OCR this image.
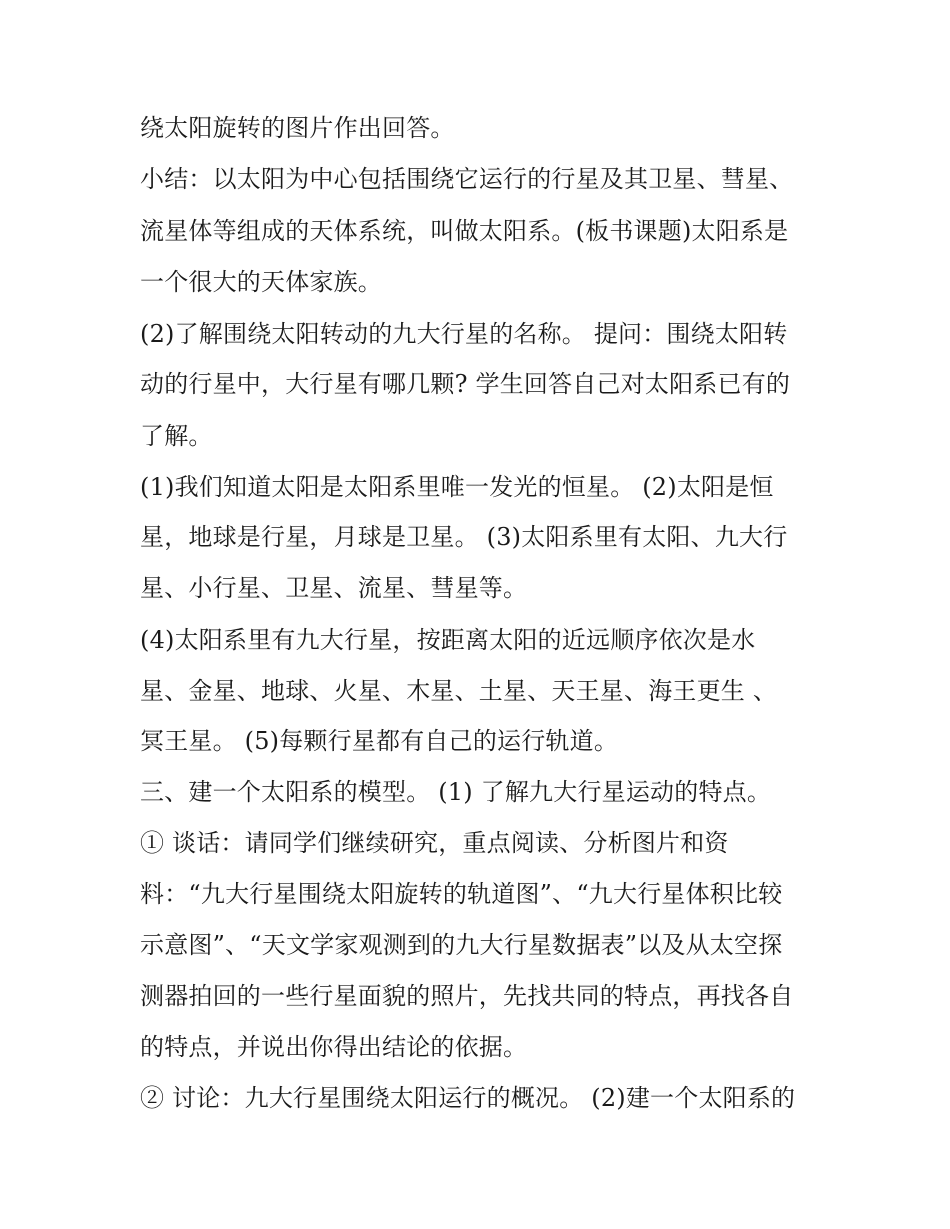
绕太阳旋转的图片作出回答。
小结：以太阳为中心包括围绕它运行的行星及其卫星、彗星、
流星体等组成的天体系统，叫做太阳系。(板书课题)太阳系是
一个很大的天体家族。
(2)了解围绕太阳转动的九大行星的名称。 提问：围绕太阳转
动的行星中，大行星有哪几颗? 学生回答自己对太阳系已有的
了解。
(1)我们知道太阳是太阳系里唯一发光的恒星。 (2)太阳是恒
星，地球是行星，月球是卫星。 (3)太阳系里有太阳、九大行
星、小行星、卫星、流星、彗星等。
(4)太阳系里有九大行星，按距离太阳的近远顺序依次是水
星、金星、地球、火星、木星、土星、天王星、海王更生 、
冥王星。 (5)每颗行星都有自己的运行轨道。
三、建一个太阳系的模型。 (1) 了解九大行星运动的特点。
① 谈话：请同学们继续研究，重点阅读、分析图片和资
料：“九大行星围绕太阳旋转的轨道图”、“九大行星体积比较
示意图”、“天文学家观测到的九大行星数据表”以及从太空探
测器拍回的一些行星面貌的照片，先找共同的特点，再找各自
的特点，并说出你得出结论的依据。
② 讨论：九大行星围绕太阳运行的概况。 (2)建一个太阳系的
